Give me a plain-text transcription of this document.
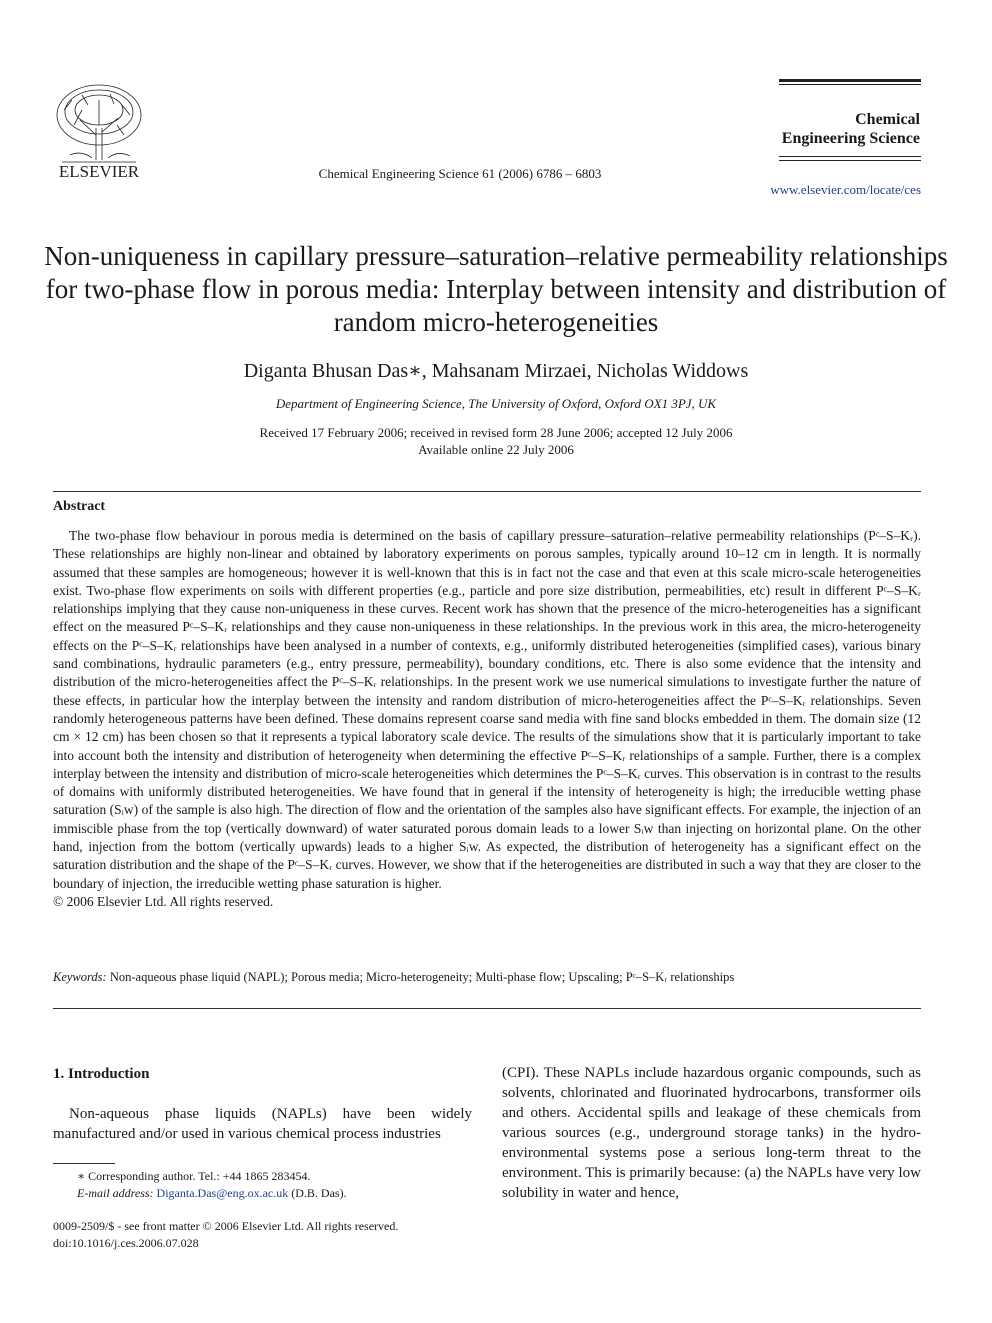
ELSEVIER	Chemical Engineering Science 61 (2006) 6786 – 6803
Chemical
Engineering Science
www.elsevier.com/locate/ces
Non-uniqueness in capillary pressure–saturation–relative permeability relationships for two-phase flow in porous media: Interplay between intensity and distribution of random micro-heterogeneities
Diganta Bhusan Das∗, Mahsanam Mirzaei, Nicholas Widdows
Department of Engineering Science, The University of Oxford, Oxford OX1 3PJ, UK
Received 17 February 2006; received in revised form 28 June 2006; accepted 12 July 2006
Available online 22 July 2006
Abstract

The two-phase flow behaviour in porous media is determined on the basis of capillary pressure–saturation–relative permeability relationships (Pᶜ–S–Kᵣ). These relationships are highly non-linear and obtained by laboratory experiments on porous samples, typically around 10–12 cm in length. It is normally assumed that these samples are homogeneous; however it is well-known that this is in fact not the case and that even at this scale micro-scale heterogeneities exist. Two-phase flow experiments on soils with different properties (e.g., particle and pore size distribution, permeabilities, etc) result in different Pᶜ–S–Kᵣ relationships implying that they cause non-uniqueness in these curves. Recent work has shown that the presence of the micro-heterogeneities has a significant effect on the measured Pᶜ–S–Kᵣ relationships and they cause non-uniqueness in these relationships. In the previous work in this area, the micro-heterogeneity effects on the Pᶜ–S–Kᵣ relationships have been analysed in a number of contexts, e.g., uniformly distributed heterogeneities (simplified cases), various binary sand combinations, hydraulic parameters (e.g., entry pressure, permeability), boundary conditions, etc. There is also some evidence that the intensity and distribution of the micro-heterogeneities affect the Pᶜ–S–Kᵣ relationships. In the present work we use numerical simulations to investigate further the nature of these effects, in particular how the interplay between the intensity and random distribution of micro-heterogeneities affect the Pᶜ–S–Kᵣ relationships. Seven randomly heterogeneous patterns have been defined. These domains represent coarse sand media with fine sand blocks embedded in them. The domain size (12 cm × 12 cm) has been chosen so that it represents a typical laboratory scale device. The results of the simulations show that it is particularly important to take into account both the intensity and distribution of heterogeneity when determining the effective Pᶜ–S–Kᵣ relationships of a sample. Further, there is a complex interplay between the intensity and distribution of micro-scale heterogeneities which determines the Pᶜ–S–Kᵣ curves. This observation is in contrast to the results of domains with uniformly distributed heterogeneities. We have found that in general if the intensity of heterogeneity is high; the irreducible wetting phase saturation (Sᵢw) of the sample is also high. The direction of flow and the orientation of the samples also have significant effects. For example, the injection of an immiscible phase from the top (vertically downward) of water saturated porous domain leads to a lower Sᵢw than injecting on horizontal plane. On the other hand, injection from the bottom (vertically upwards) leads to a higher Sᵢw. As expected, the distribution of heterogeneity has a significant effect on the saturation distribution and the shape of the Pᶜ–S–Kᵣ curves. However, we show that if the heterogeneities are distributed in such a way that they are closer to the boundary of injection, the irreducible wetting phase saturation is higher.

© 2006 Elsevier Ltd. All rights reserved.

Keywords: Non-aqueous phase liquid (NAPL); Porous media; Micro-heterogeneity; Multi-phase flow; Upscaling; Pᶜ–S–Kᵣ relationships
1. Introduction
Non-aqueous phase liquids (NAPLs) have been widely manufactured and/or used in various chemical process industries
(CPI). These NAPLs include hazardous organic compounds, such as solvents, chlorinated and fluorinated hydrocarbons, transformer oils and others. Accidental spills and leakage of these chemicals from various sources (e.g., underground storage tanks) in the hydro-environmental systems pose a serious long-term threat to the environment. This is primarily because: (a) the NAPLs have very low solubility in water and hence,
∗ Corresponding author. Tel.: +44 1865 283454.
E-mail address: Diganta.Das@eng.ox.ac.uk (D.B. Das).
0009-2509/$ - see front matter © 2006 Elsevier Ltd. All rights reserved.
doi:10.1016/j.ces.2006.07.028
